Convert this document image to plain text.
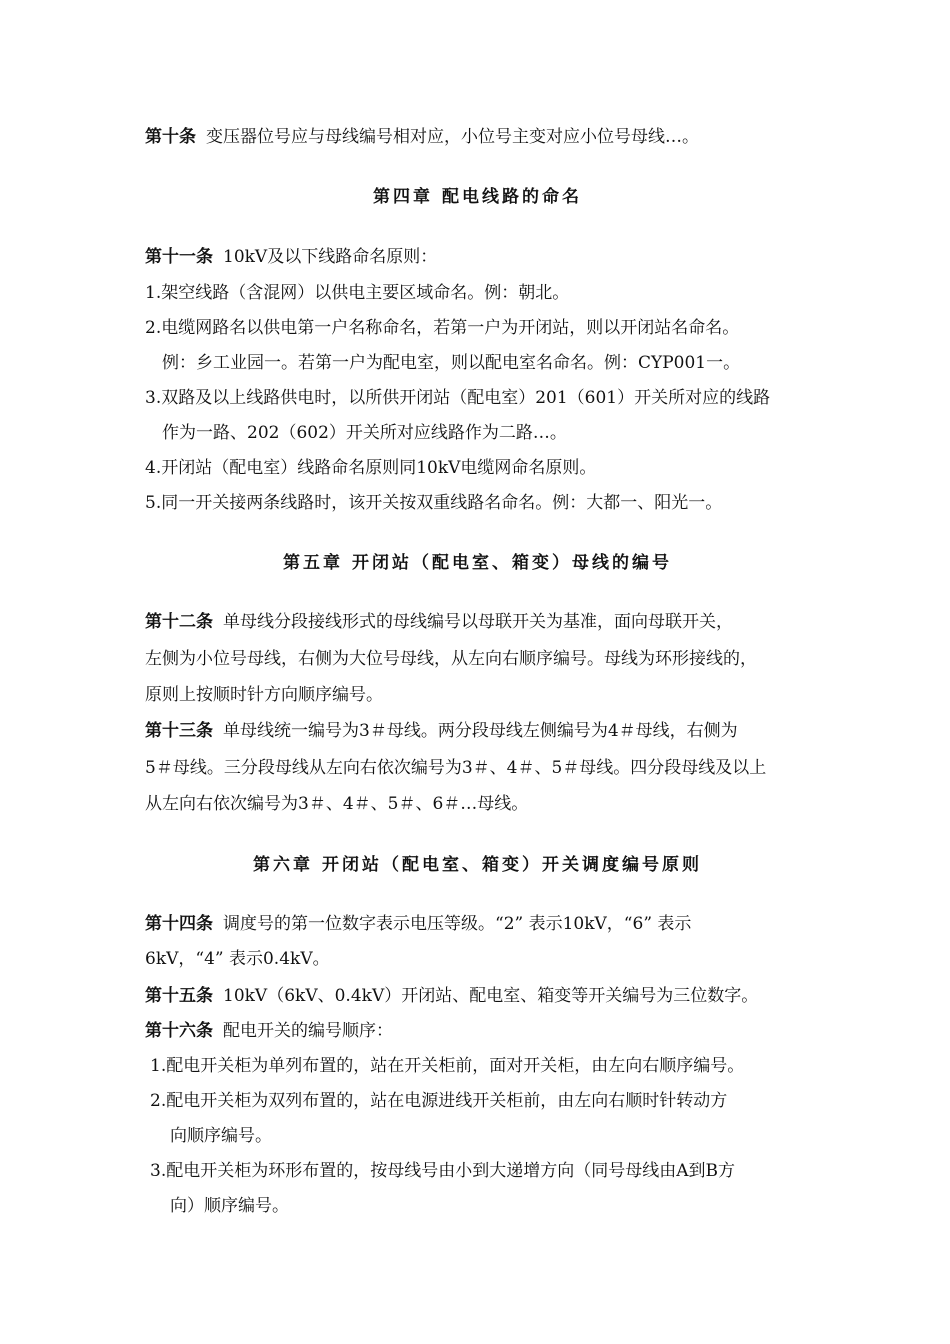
第十条 变压器位号应与母线编号相对应，小位号主变对应小位号母线…。
第四章 配电线路的命名
第十一条 10kV及以下线路命名原则：
1.架空线路（含混网）以供电主要区域命名。例：朝北。
2.电缆网路名以供电第一户名称命名，若第一户为开闭站，则以开闭站名命名。
例：乡工业园一。若第一户为配电室，则以配电室名命名。例：CYP001一。
3.双路及以上线路供电时，以所供开闭站（配电室）201（601）开关所对应的线路
作为一路、202（602）开关所对应线路作为二路…。
4.开闭站（配电室）线路命名原则同10kV电缆网命名原则。
5.同一开关接两条线路时，该开关按双重线路名命名。例：大都一、阳光一。
第五章 开闭站（配电室、箱变）母线的编号
第十二条 单母线分段接线形式的母线编号以母联开关为基准，面向母联开关，
左侧为小位号母线，右侧为大位号母线，从左向右顺序编号。母线为环形接线的，
原则上按顺时针方向顺序编号。
第十三条 单母线统一编号为3＃母线。两分段母线左侧编号为4＃母线，右侧为
5＃母线。三分段母线从左向右依次编号为3＃、4＃、5＃母线。四分段母线及以上
从左向右依次编号为3＃、4＃、5＃、6＃…母线。
第六章 开闭站（配电室、箱变）开关调度编号原则
第十四条 调度号的第一位数字表示电压等级。“2” 表示10kV，“6” 表示
6kV，“4” 表示0.4kV。
第十五条 10kV（6kV、0.4kV）开闭站、配电室、箱变等开关编号为三位数字。
第十六条 配电开关的编号顺序：
1.配电开关柜为单列布置的，站在开关柜前，面对开关柜，由左向右顺序编号。
2.配电开关柜为双列布置的，站在电源进线开关柜前，由左向右顺时针转动方
向顺序编号。
3.配电开关柜为环形布置的，按母线号由小到大递增方向（同号母线由A到B方
向）顺序编号。
